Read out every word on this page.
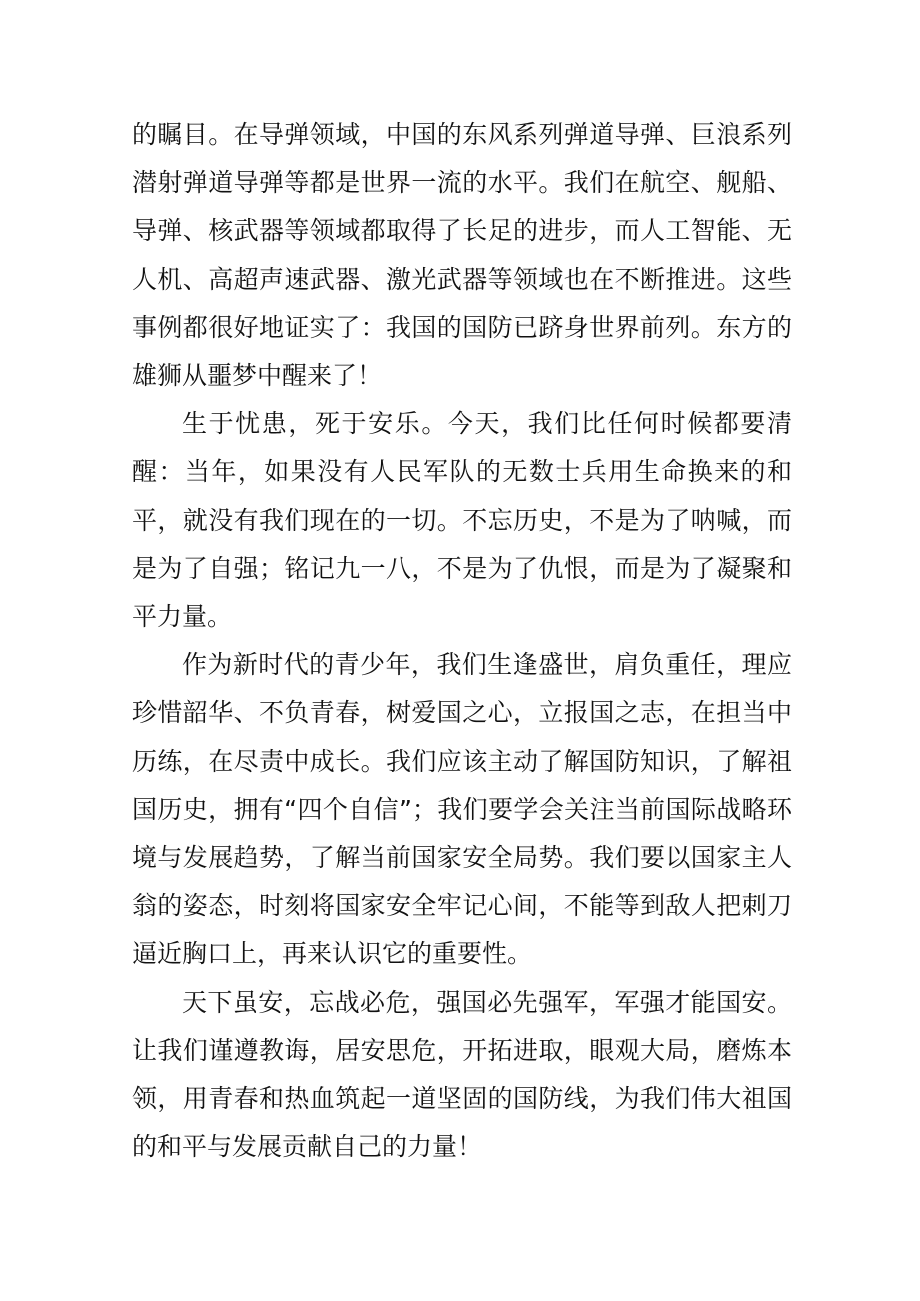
的瞩目。在导弹领域，中国的东风系列弹道导弹、巨浪系列潜射弹道导弹等都是世界一流的水平。我们在航空、舰船、导弹、核武器等领域都取得了长足的进步，而人工智能、无人机、高超声速武器、激光武器等领域也在不断推进。这些事例都很好地证实了：我国的国防已跻身世界前列。东方的雄狮从噩梦中醒来了！

生于忧患，死于安乐。今天，我们比任何时候都要清醒：当年，如果没有人民军队的无数士兵用生命换来的和平，就没有我们现在的一切。不忘历史，不是为了呐喊，而是为了自强；铭记九一八，不是为了仇恨，而是为了凝聚和平力量。

作为新时代的青少年，我们生逢盛世，肩负重任，理应珍惜韶华、不负青春，树爱国之心，立报国之志，在担当中历练，在尽责中成长。我们应该主动了解国防知识，了解祖国历史，拥有“四个自信”；我们要学会关注当前国际战略环境与发展趋势，了解当前国家安全局势。我们要以国家主人翁的姿态，时刻将国家安全牢记心间，不能等到敌人把刺刀逼近胸口上，再来认识它的重要性。

天下虽安，忘战必危，强国必先强军，军强才能国安。让我们谨遵教诲，居安思危，开拓进取，眼观大局，磨炼本领，用青春和热血筑起一道坚固的国防线，为我们伟大祖国的和平与发展贡献自己的力量！
